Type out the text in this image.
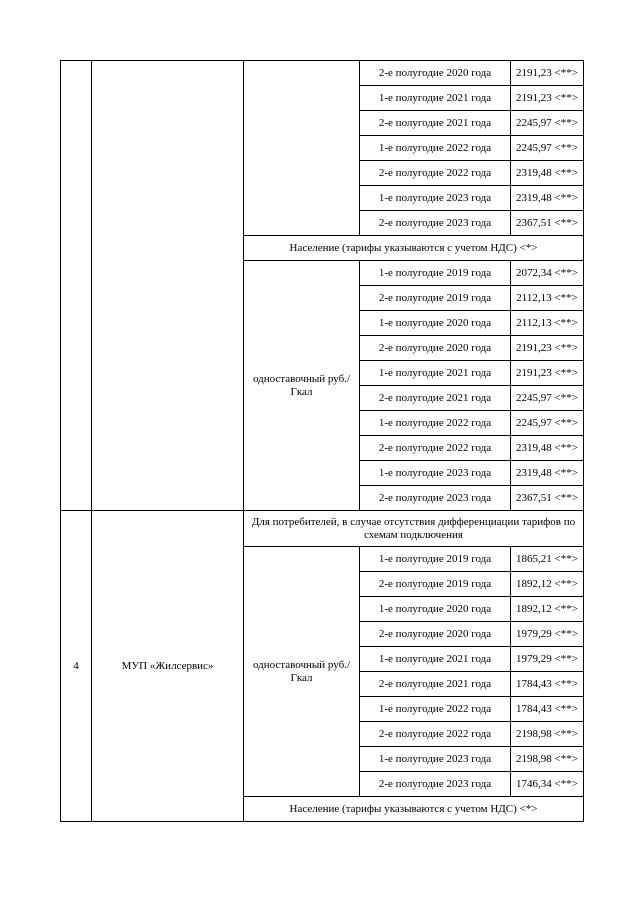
			2-е полугодие 2020 года	2191,23 <**>
			1-е полугодие 2021 года	2191,23 <**>
			2-е полугодие 2021 года	2245,97 <**>
			1-е полугодие 2022 года	2245,97 <**>
			2-е полугодие 2022 года	2319,48 <**>
			1-е полугодие 2023 года	2319,48 <**>
			2-е полугодие 2023 года	2367,51 <**>
		Население (тарифы указываются с учетом НДС) <*>		
		одноставочный руб./Гкал	1-е полугодие 2019 года	2072,34 <**>
			2-е полугодие 2019 года	2112,13 <**>
			1-е полугодие 2020 года	2112,13 <**>
			2-е полугодие 2020 года	2191,23 <**>
			1-е полугодие 2021 года	2191,23 <**>
			2-е полугодие 2021 года	2245,97 <**>
			1-е полугодие 2022 года	2245,97 <**>
			2-е полугодие 2022 года	2319,48 <**>
			1-е полугодие 2023 года	2319,48 <**>
			2-е полугодие 2023 года	2367,51 <**>
4	МУП «Жилсервис»	Для потребителей, в случае отсутствия дифференциации тарифов по схемам подключения		
		одноставочный руб./Гкал	1-е полугодие 2019 года	1865,21 <**>
			2-е полугодие 2019 года	1892,12 <**>
			1-е полугодие 2020 года	1892,12 <**>
			2-е полугодие 2020 года	1979,29 <**>
			1-е полугодие 2021 года	1979,29 <**>
			2-е полугодие 2021 года	1784,43 <**>
			1-е полугодие 2022 года	1784,43 <**>
			2-е полугодие 2022 года	2198,98 <**>
			1-е полугодие 2023 года	2198,98 <**>
			2-е полугодие 2023 года	1746,34 <**>
		Население (тарифы указываются с учетом НДС) <*>		
